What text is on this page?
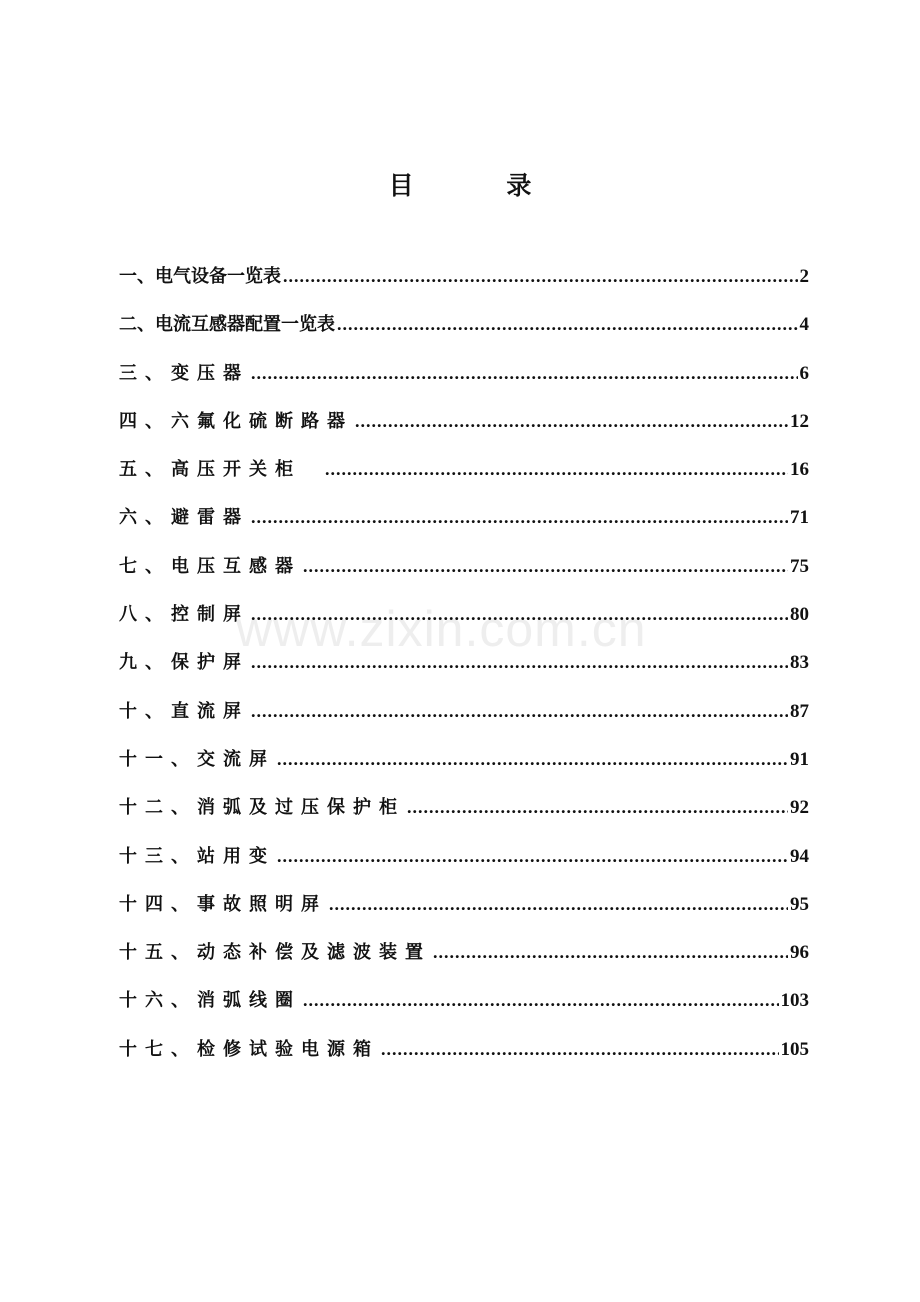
目 录
一、电气设备一览表 .....	2
二、电流互感器配置一览表 .....	4
三、变压器 .....	6
四、六氟化硫断路器 .....	12
五、高压开关柜 .....	16
六、避雷器 .....	71
七、电压互感器 .....	75
八、控制屏 .....	80
九、保护屏 .....	83
十、直流屏 .....	87
十一、交流屏 .....	91
十二、消弧及过压保护柜 .....	92
十三、站用变 .....	94
十四、事故照明屏 .....	95
十五、动态补偿及滤波装置 .....	96
十六、消弧线圈 .....	103
十七、检修试验电源箱 .....	105
www.zixin.com.cn
